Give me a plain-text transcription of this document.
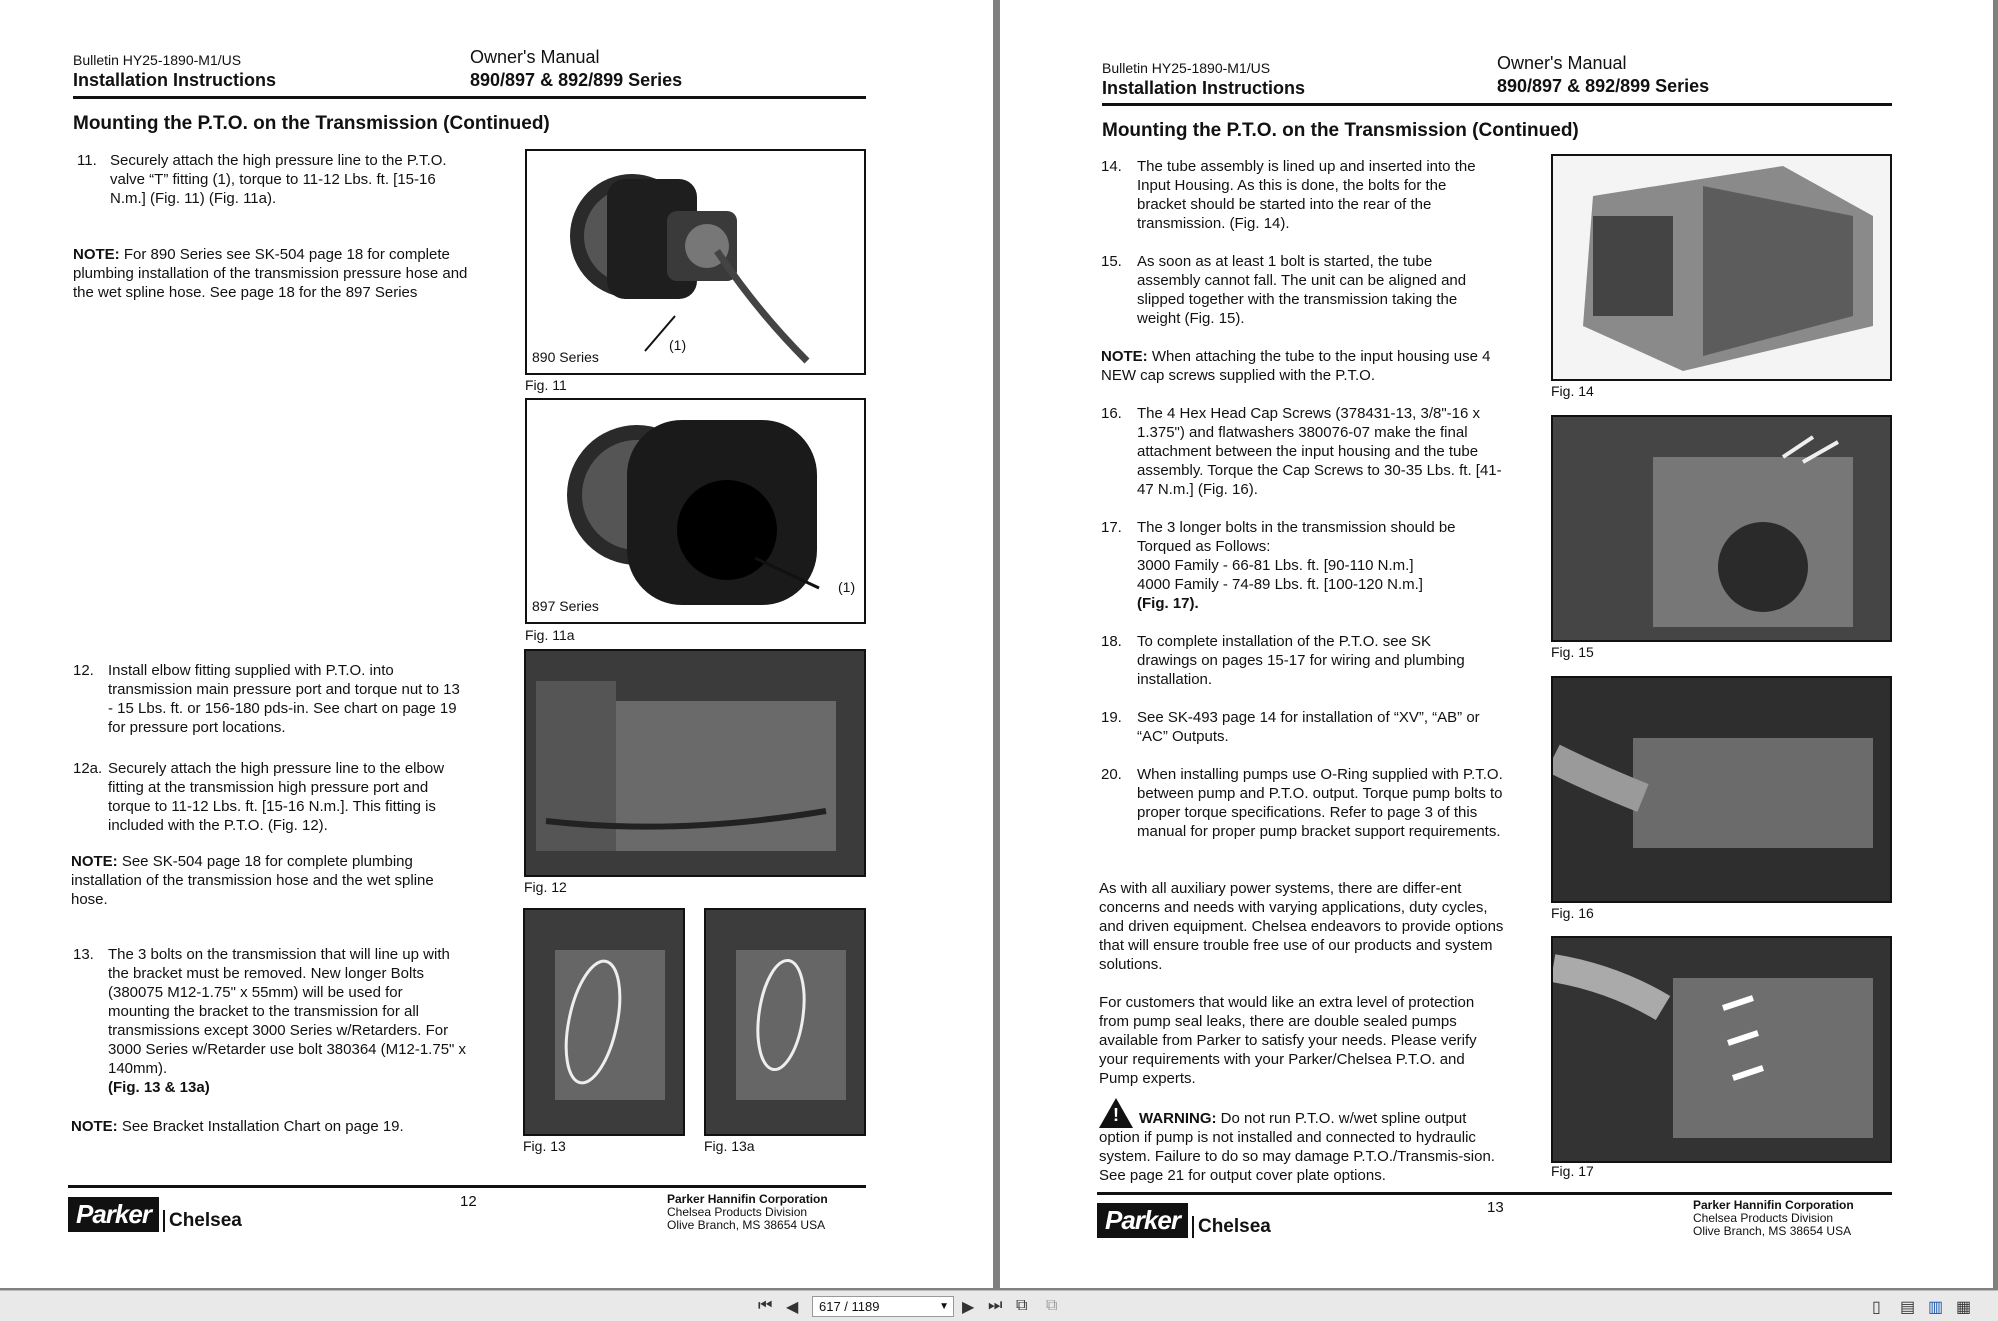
Bulletin HY25-1890-M1/US
Installation Instructions
Owner's Manual
890/897 & 892/899 Series
Mounting the P.T.O. on the Transmission (Continued)
11. Securely attach the high pressure line to the P.T.O. valve “T” fitting (1), torque to 11-12 Lbs. ft. [15-16 N.m.] (Fig. 11) (Fig. 11a).
NOTE: For 890 Series see SK-504 page 18 for complete plumbing installation of the transmission pressure hose and the wet spline hose. See page 18 for the 897 Series
12. Install elbow fitting supplied with P.T.O. into transmission main pressure port and torque nut to 13 - 15 Lbs. ft. or 156-180 pds-in. See chart on page 19 for pressure port locations.
12a. Securely attach the high pressure line to the elbow fitting at the transmission high pressure port and torque to 11-12 Lbs. ft. [15-16 N.m.]. This fitting is included with the P.T.O. (Fig. 12).
NOTE: See SK-504 page 18 for complete plumbing installation of the transmission hose and the wet spline hose.
13. The 3 bolts on the transmission that will line up with the bracket must be removed. New longer Bolts (380075 M12-1.75" x 55mm) will be used for mounting the bracket to the transmission for all transmissions except 3000 Series w/Retarders. For 3000 Series w/Retarder use bolt 380364 (M12-1.75" x 140mm).
(Fig. 13 & 13a)
NOTE: See Bracket Installation Chart on page 19.
890 Series
(1)
Fig. 11
897 Series
(1)
Fig. 11a
Fig. 12
Fig. 13	Fig. 13a
Parker Chelsea
12	Parker Hannifin Corporation
Chelsea Products Division
Olive Branch, MS 38654 USA
Bulletin HY25-1890-M1/US
Installation Instructions
Owner's Manual
890/897 & 892/899 Series
Mounting the P.T.O. on the Transmission (Continued)
14. The tube assembly is lined up and inserted into the Input Housing. As this is done, the bolts for the bracket should be started into the rear of the transmission. (Fig. 14).
15. As soon as at least 1 bolt is started, the tube assembly cannot fall. The unit can be aligned and slipped together with the transmission taking the weight (Fig. 15).
NOTE: When attaching the tube to the input housing use 4 NEW cap screws supplied with the P.T.O.
16. The 4 Hex Head Cap Screws (378431-13, 3/8"-16 x 1.375") and flatwashers 380076-07 make the final attachment between the input housing and the tube assembly. Torque the Cap Screws to 30-35 Lbs. ft. [41-47 N.m.] (Fig. 16).
17. The 3 longer bolts in the transmission should be Torqued as Follows:
3000 Family - 66-81 Lbs. ft. [90-110 N.m.]
4000 Family - 74-89 Lbs. ft. [100-120 N.m.]
(Fig. 17).
18. To complete installation of the P.T.O. see SK drawings on pages 15-17 for wiring and plumbing installation.
19. See SK-493 page 14 for installation of “XV”, “AB” or “AC” Outputs.
20. When installing pumps use O-Ring supplied with P.T.O. between pump and P.T.O. output. Torque pump bolts to proper torque specifications. Refer to page 3 of this manual for proper pump bracket support requirements.
As with all auxiliary power systems, there are differ-ent concerns and needs with varying applications, duty cycles, and driven equipment. Chelsea endeavors to provide options that will ensure trouble free use of our products and system solutions.
For customers that would like an extra level of protection from pump seal leaks, there are double sealed pumps available from Parker to satisfy your needs. Please verify your requirements with your Parker/Chelsea P.T.O. and Pump experts.
! WARNING: Do not run P.T.O. w/wet spline output option if pump is not installed and connected to hydraulic system. Failure to do so may damage P.T.O./Transmis-sion. See page 21 for output cover plate options.
Fig. 14
Fig. 15
Fig. 16
Fig. 17
Parker Chelsea
13	Parker Hannifin Corporation
Chelsea Products Division
Olive Branch, MS 38654 USA
⏮ ◀	617 / 1189	▼ ▶ ⏭ ⧉ ⧉	▯ ▤ ▥ ▦
